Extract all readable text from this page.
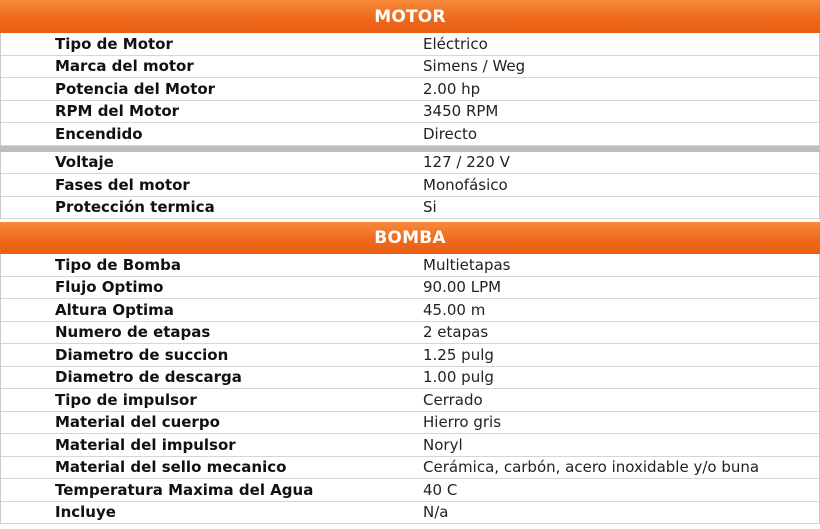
MOTOR
Tipo de Motor	Eléctrico
Marca del motor	Simens / Weg
Potencia del Motor	2.00 hp
RPM del Motor	3450 RPM
Encendido	Directo
Voltaje	127 / 220 V
Fases del motor	Monofásico
Protección termica	Si
BOMBA
Tipo de Bomba	Multietapas
Flujo Optimo	90.00 LPM
Altura Optima	45.00 m
Numero de etapas	2 etapas
Diametro de succion	1.25 pulg
Diametro de descarga	1.00 pulg
Tipo de impulsor	Cerrado
Material del cuerpo	Hierro gris
Material del impulsor	Noryl
Material del sello mecanico	Cerámica, carbón, acero inoxidable y/o buna
Temperatura Maxima del Agua	40 C
Incluye	N/a
